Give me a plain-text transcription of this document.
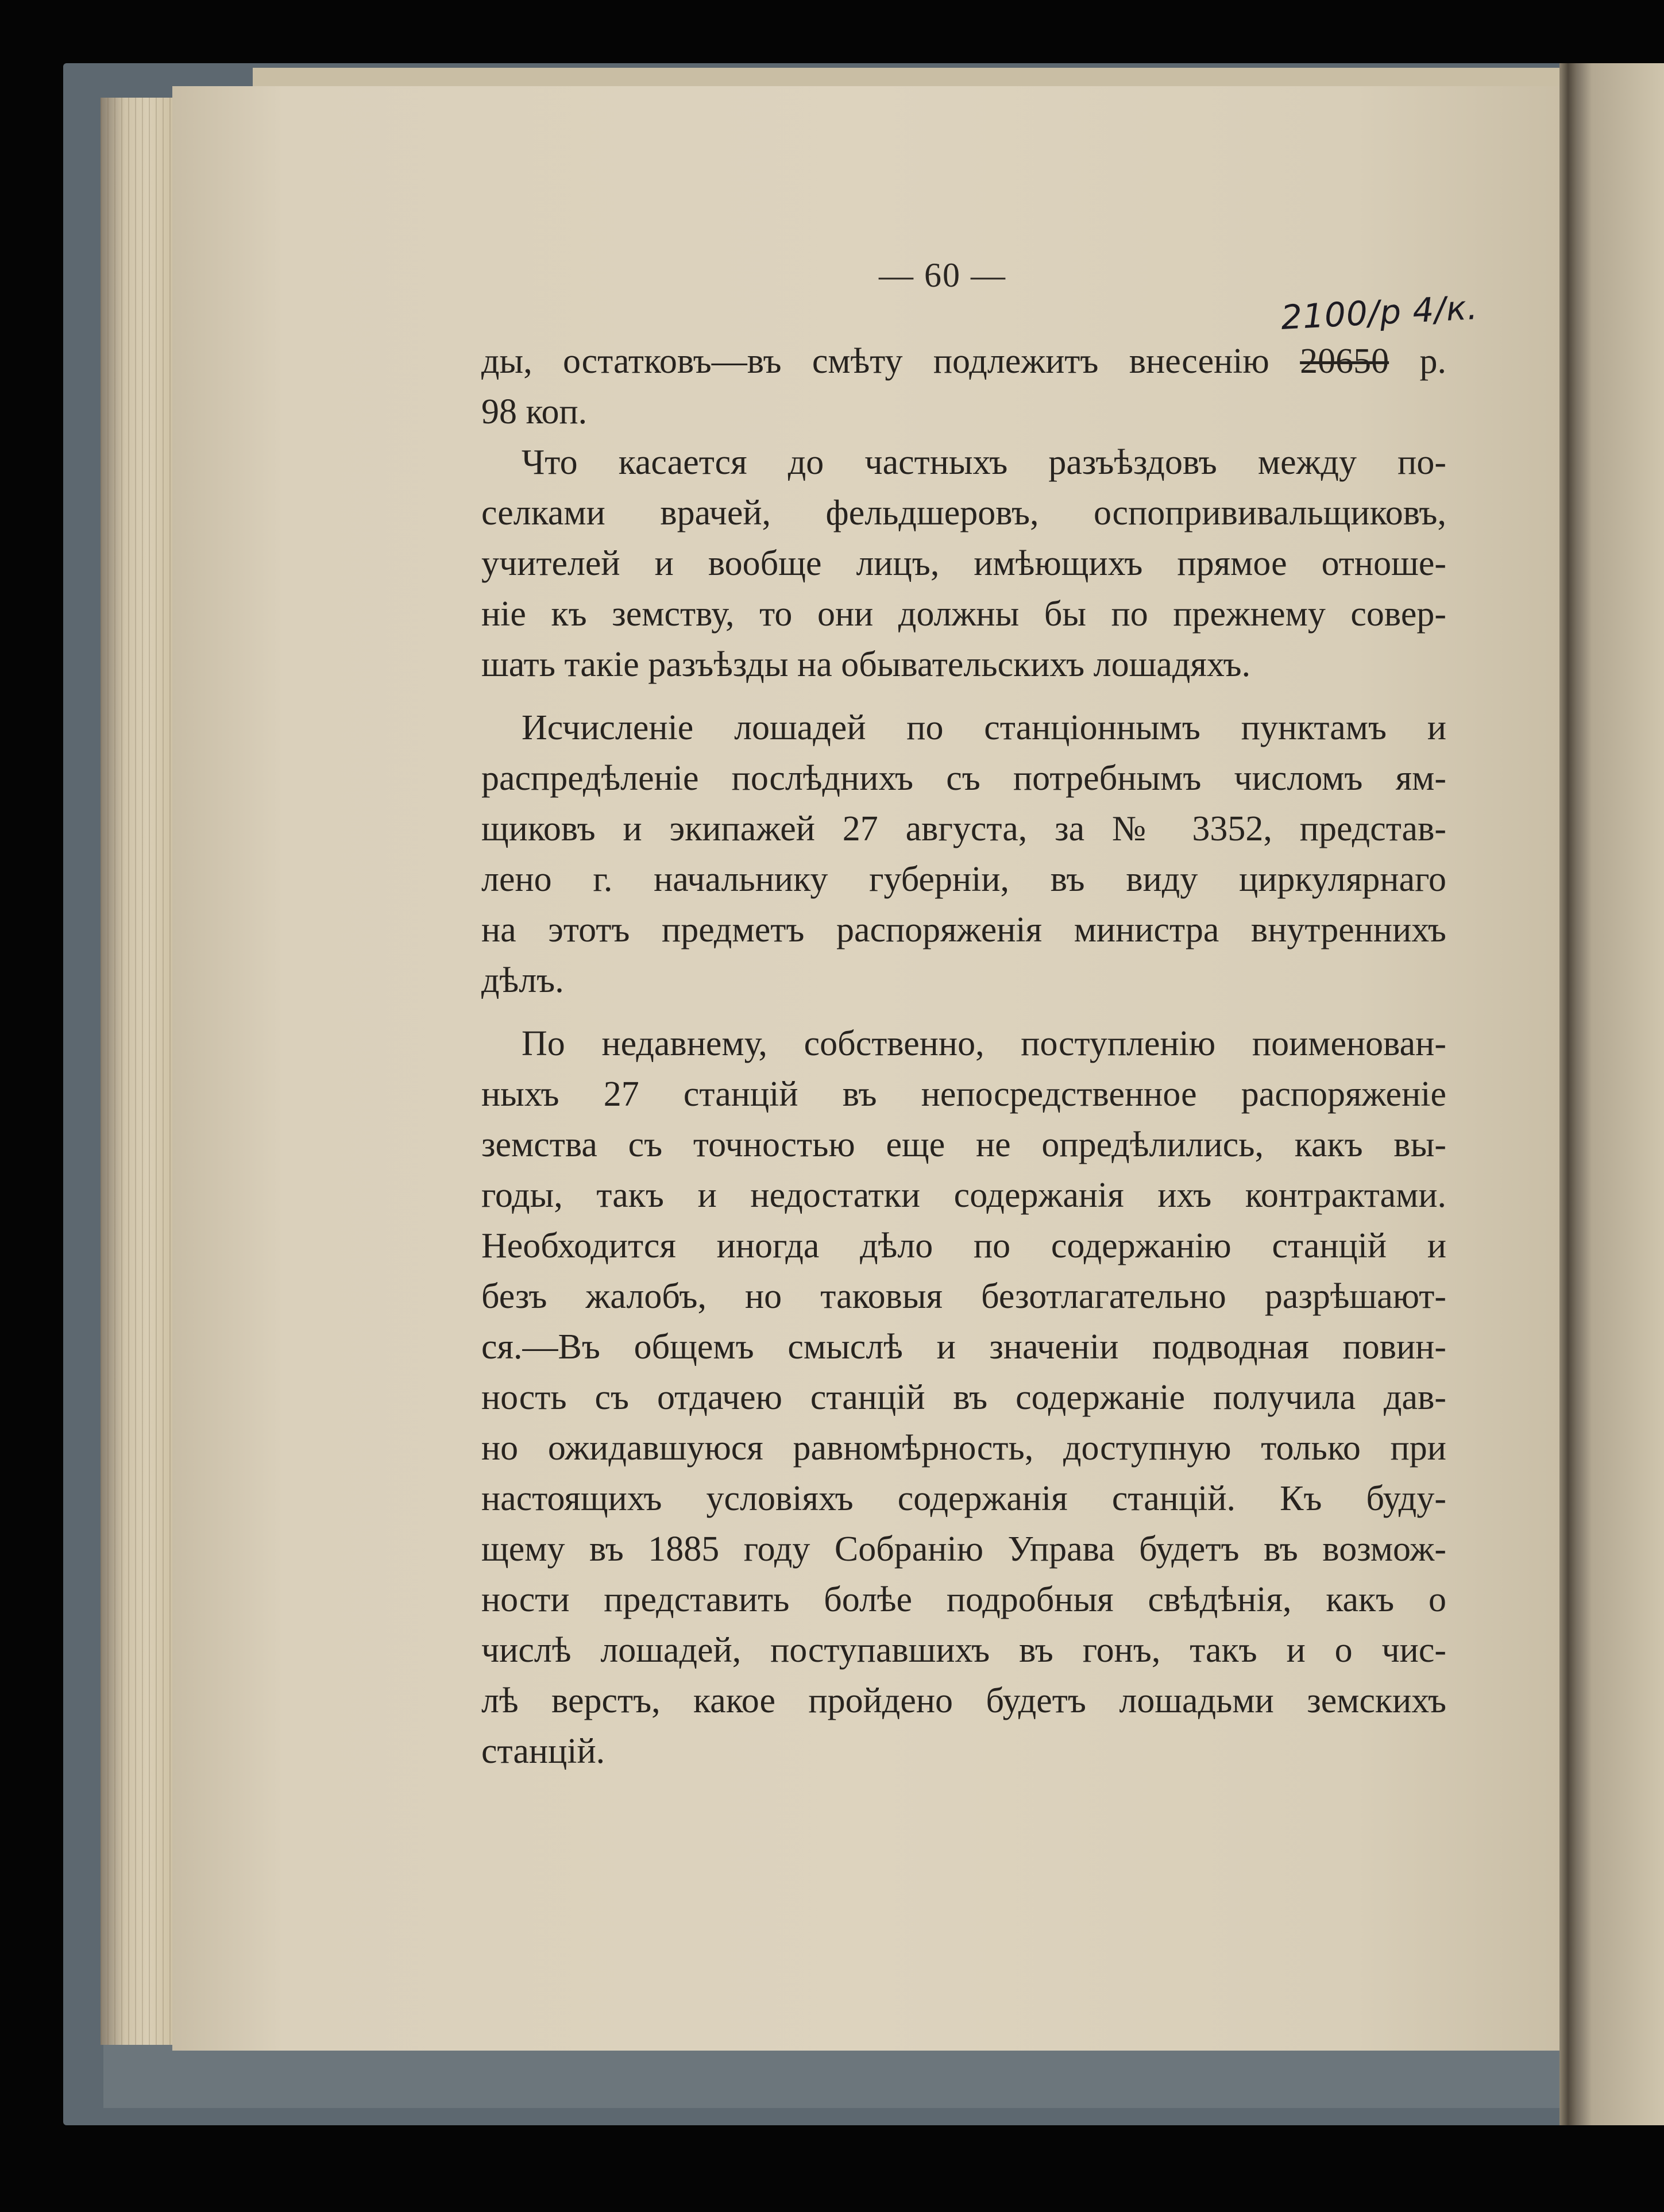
— 60 —
2100/р 4/к.
ды, остатковъ—въ смѣту подлежитъ внесенію 20650 р.
98 коп.
Что касается до частныхъ разъѣздовъ между по-
селками врачей, фельдшеровъ, оспопрививальщиковъ,
учителей и вообще лицъ, имѣющихъ прямое отноше-
ніе къ земству, то они должны бы по прежнему совер-
шать такіе разъѣзды на обывательскихъ лошадяхъ.
Исчисленіе лошадей по станціоннымъ пунктамъ и
распредѣленіе послѣднихъ съ потребнымъ числомъ ям-
щиковъ и экипажей 27 августа, за № 3352, представ-
лено г. начальнику губерніи, въ виду циркулярнаго
на этотъ предметъ распоряженія министра внутреннихъ
дѣлъ.
По недавнему, собственно, поступленію поименован-
ныхъ 27 станцій въ непосредственное распоряженіе
земства съ точностью еще не опредѣлились, какъ вы-
годы, такъ и недостатки содержанія ихъ контрактами.
Необходится иногда дѣло по содержанію станцій и
безъ жалобъ, но таковыя безотлагательно разрѣшают-
ся.—Въ общемъ смыслѣ и значеніи подводная повин-
ность съ отдачею станцій въ содержаніе получила дав-
но ожидавшуюся равномѣрность, доступную только при
настоящихъ условіяхъ содержанія станцій. Къ буду-
щему въ 1885 году Собранію Управа будетъ въ возмож-
ности представить болѣе подробныя свѣдѣнія, какъ о
числѣ лошадей, поступавшихъ въ гонъ, такъ и о чис-
лѣ верстъ, какое пройдено будетъ лошадьми земскихъ
станцій.
